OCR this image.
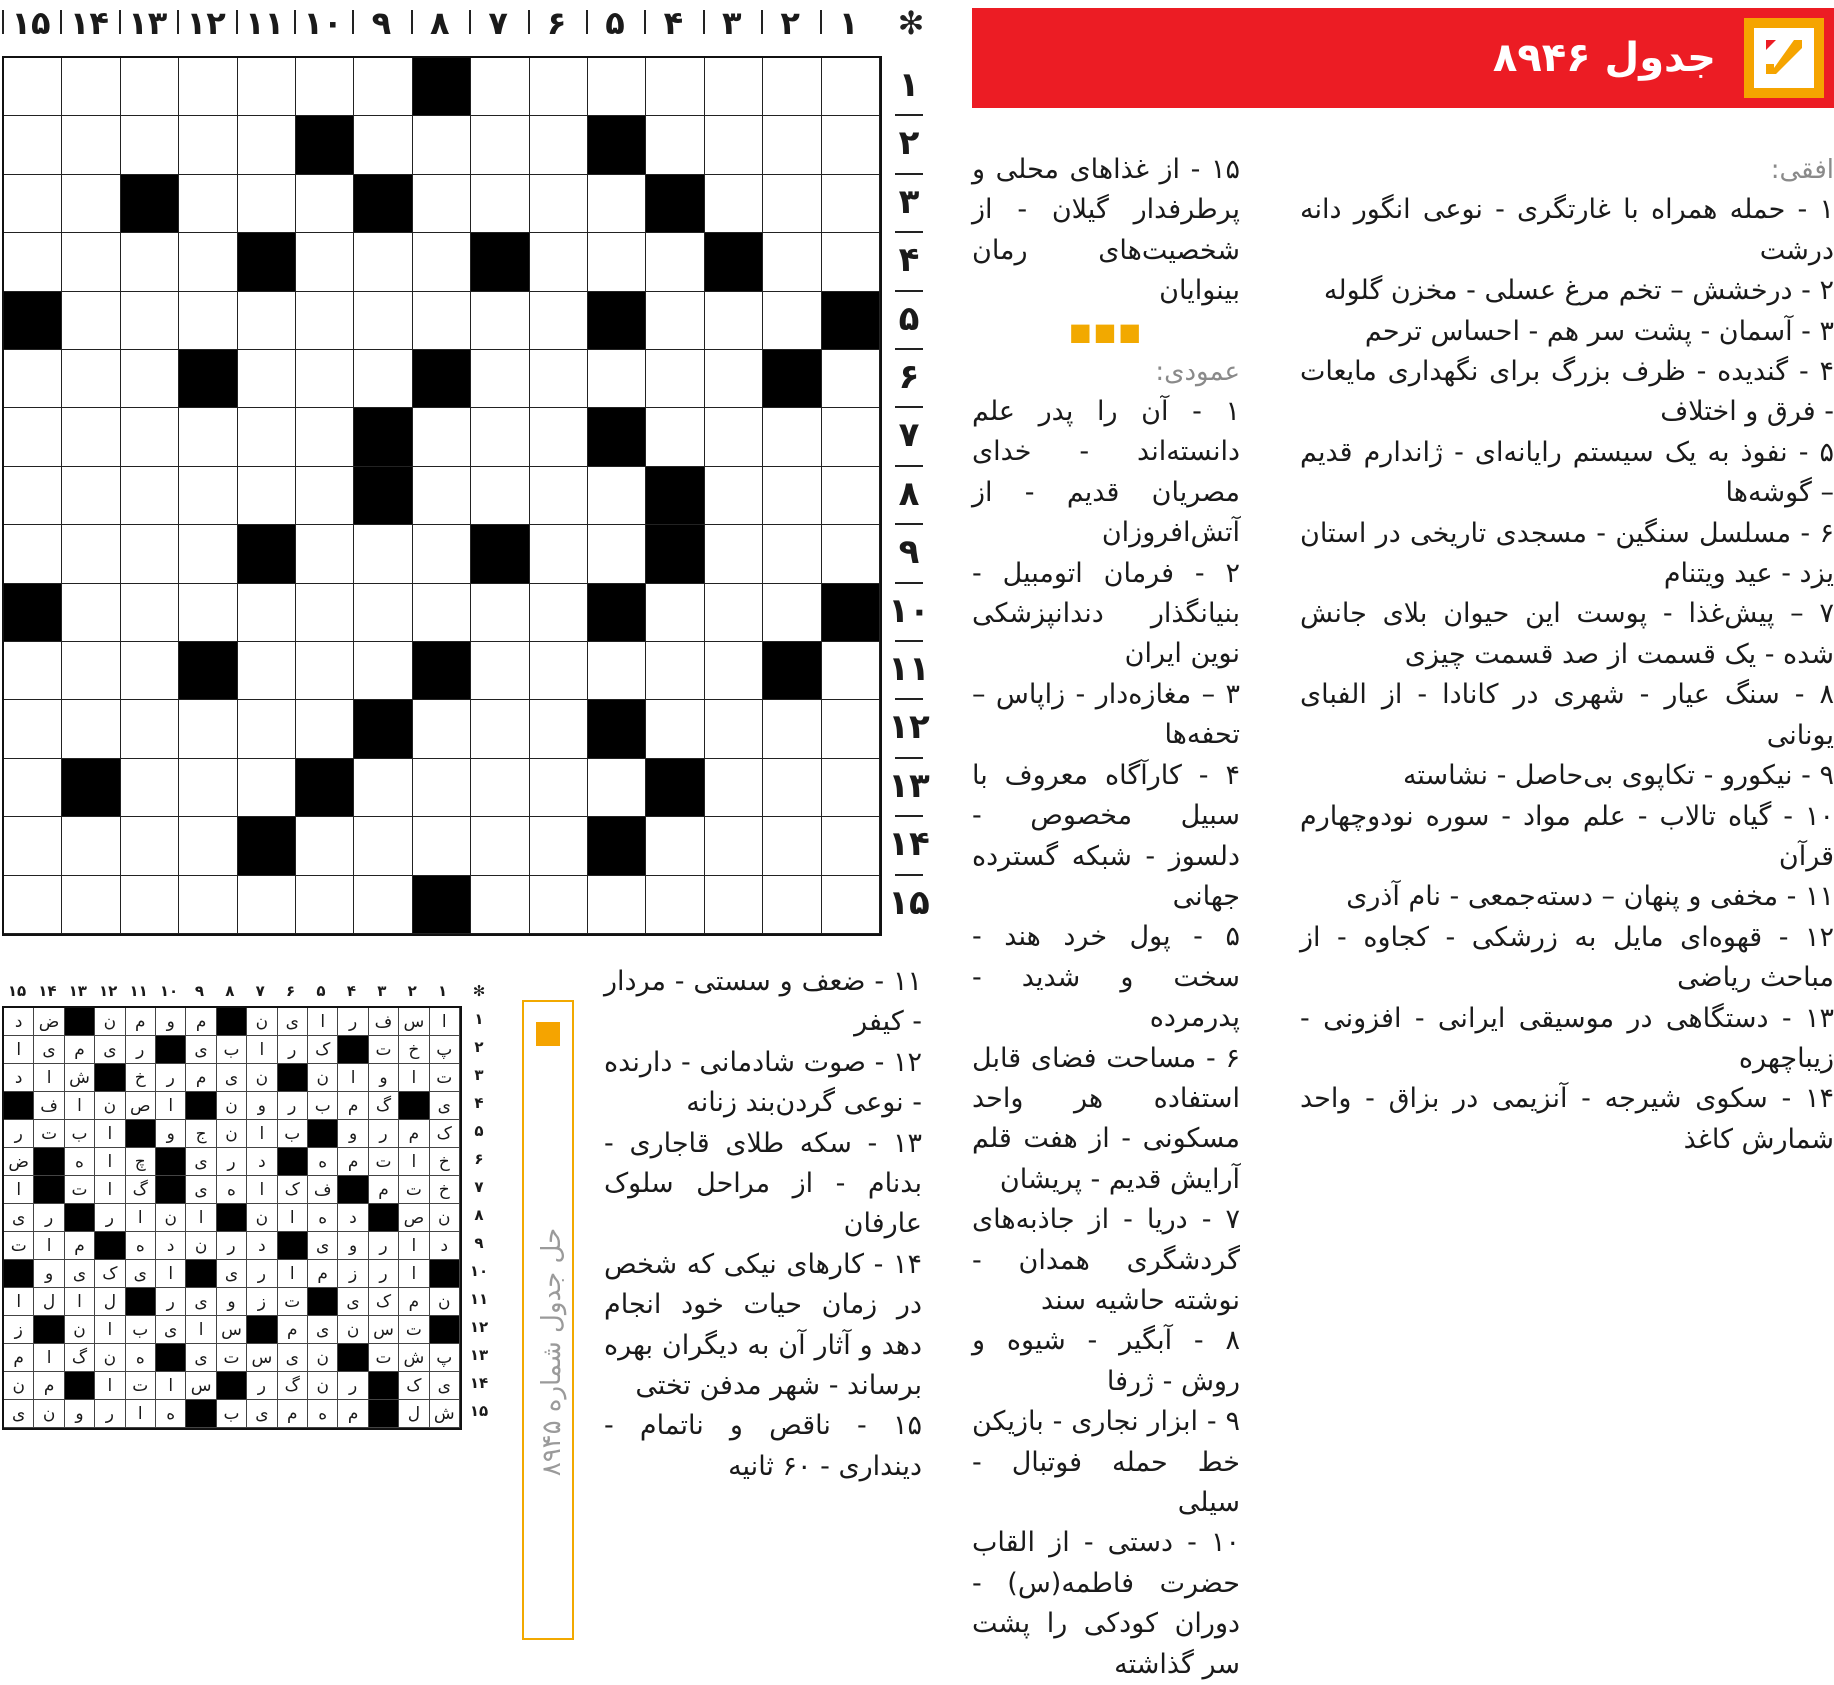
جدول ۸۹۴۶
✻
۱
۲
۳
۴
۵
۶
۷
۸
۹
۱۰
۱۱
۱۲
۱۳
۱۴
۱۵
۱
۲
۳
۴
۵
۶
۷
۸
۹
۱۰
۱۱
۱۲
۱۳
۱۴
۱۵
افقی:

۱ - حمله همراه با غارتگری - نوعی انگور دانه درشت

۲ - درخشش – تخم مرغ عسلی - مخزن گلوله

۳ - آسمان - پشت سر هم - احساس ترحم

۴ - گندیده - ظرف بزرگ برای نگهداری مایعات - فرق و اختلاف

۵ - نفوذ به یک سیستم رایانه‌ای - ژاندارم قدیم – گوشه‌ها

۶ - مسلسل سنگین - مسجدی تاریخی در استان یزد - عید ویتنام

۷ – پیش‌غذا - پوست این حیوان بلای جانش شده - یک قسمت از صد قسمت چیزی

۸ - سنگ عیار - شهری در کانادا - از الفبای یونانی

۹ - نیکورو - تکاپوی بی‌حاصل - نشاسته

۱۰ - گیاه تالاب - علم مواد - سوره نودوچهارم قرآن

۱۱ - مخفی و پنهان – دسته‌جمعی - نام آذری

۱۲ - قهوه‌ای مایل به زرشکی - کجاوه - از مباحث ریاضی

۱۳ - دستگاهی در موسیقی ایرانی - افزونی - زیباچهره

۱۴ - سکوی شیرجه - آنزیمی در بزاق - واحد شمارش کاغذ

۱۵ - از غذاهای محلی و پرطرفدار گیلان - از شخصیت‌های رمان بینوایان

■■■
عمودی:

۱ - آن را پدر علم دانسته‌اند - خدای مصریان قدیم - از آتش‌افروزان

۲ - فرمان اتومبیل - بنیانگذار دندانپزشکی نوین ایران

۳ – مغازه‌دار - زاپاس – تحفه‌ها

۴ - کارآگاه معروف با سبیل مخصوص - دلسوز - شبکه گسترده جهانی

۵ - پول خرد هند - سخت و شدید - پدرمرده

۶ - مساحت فضای قابل استفاده هر واحد مسکونی - از هفت قلم آرایش قدیم - پریشان

۷ - دریا - از جاذبه‌های گردشگری همدان - نوشته حاشیه سند

۸ - آبگیر - شیوه و روش - ژرفا

۹ - ابزار نجاری - بازیکن خط حمله فوتبال - سیلی

۱۰ - دستی - از القاب حضرت فاطمه(س) - دوران کودکی را پشت سر گذاشته

۱۱ - ضعف و سستی - مردار - کیفر

۱۲ - صوت شادمانی - دارنده - نوعی گردن‌بند زنانه

۱۳ - سکه طلای قاجاری - بدنام - از مراحل سلوک عارفان

۱۴ - کارهای نیکی که شخص در زمان حیات خود انجام دهد و آثار آن به دیگران بهره برساند - شهر مدفن تختی

۱۵ - ناقص و ناتمام - دینداری - ۶۰ ثانیه

✻
۱
۲
۳
۴
۵
۶
۷
۸
۹
۱۰
۱۱
۱۲
۱۳
۱۴
۱۵
ا
س
ف
ر
ا
ی
ن
م
و
م
ن
ض
د
پ
خ
ت
ک
ر
ا
ب
ی
ر
ی
م
ی
ا
ت
ا
و
ا
ن
ن
ی
م
ر
خ
ش
ا
د
ی
گ
م
ب
ر
و
ن
ا
ص
ن
ا
ف
ک
م
ر
و
ب
ا
ن
ج
و
ا
ب
ت
ر
خ
ا
ت
م
ه
د
ر
ی
چ
ا
ه
ض
خ
ت
م
ف
ک
ا
ه
ی
گ
ا
ت
ا
ن
ص
د
ه
ا
ن
ا
ن
ا
ر
ر
ی
د
ا
ر
و
ی
د
ر
ن
د
ه
م
ا
ت
ا
ر
ز
م
ا
ر
ی
ا
ی
ک
ی
و
ن
م
ک
ی
ت
ز
و
ی
ر
ل
ا
ل
ا
ت
س
ن
ی
م
س
ا
ی
ب
ا
ن
ز
پ
ش
ت
ن
ی
س
ت
ی
ه
ن
گ
ا
م
ی
ک
ر
ن
گ
ر
س
ا
ت
ا
م
ن
ش
ل
م
ه
م
ی
ب
ه
ا
ر
و
ن
ی
۱
۲
۳
۴
۵
۶
۷
۸
۹
۱۰
۱۱
۱۲
۱۳
۱۴
۱۵
حل جدول شماره ۸۹۴۵
